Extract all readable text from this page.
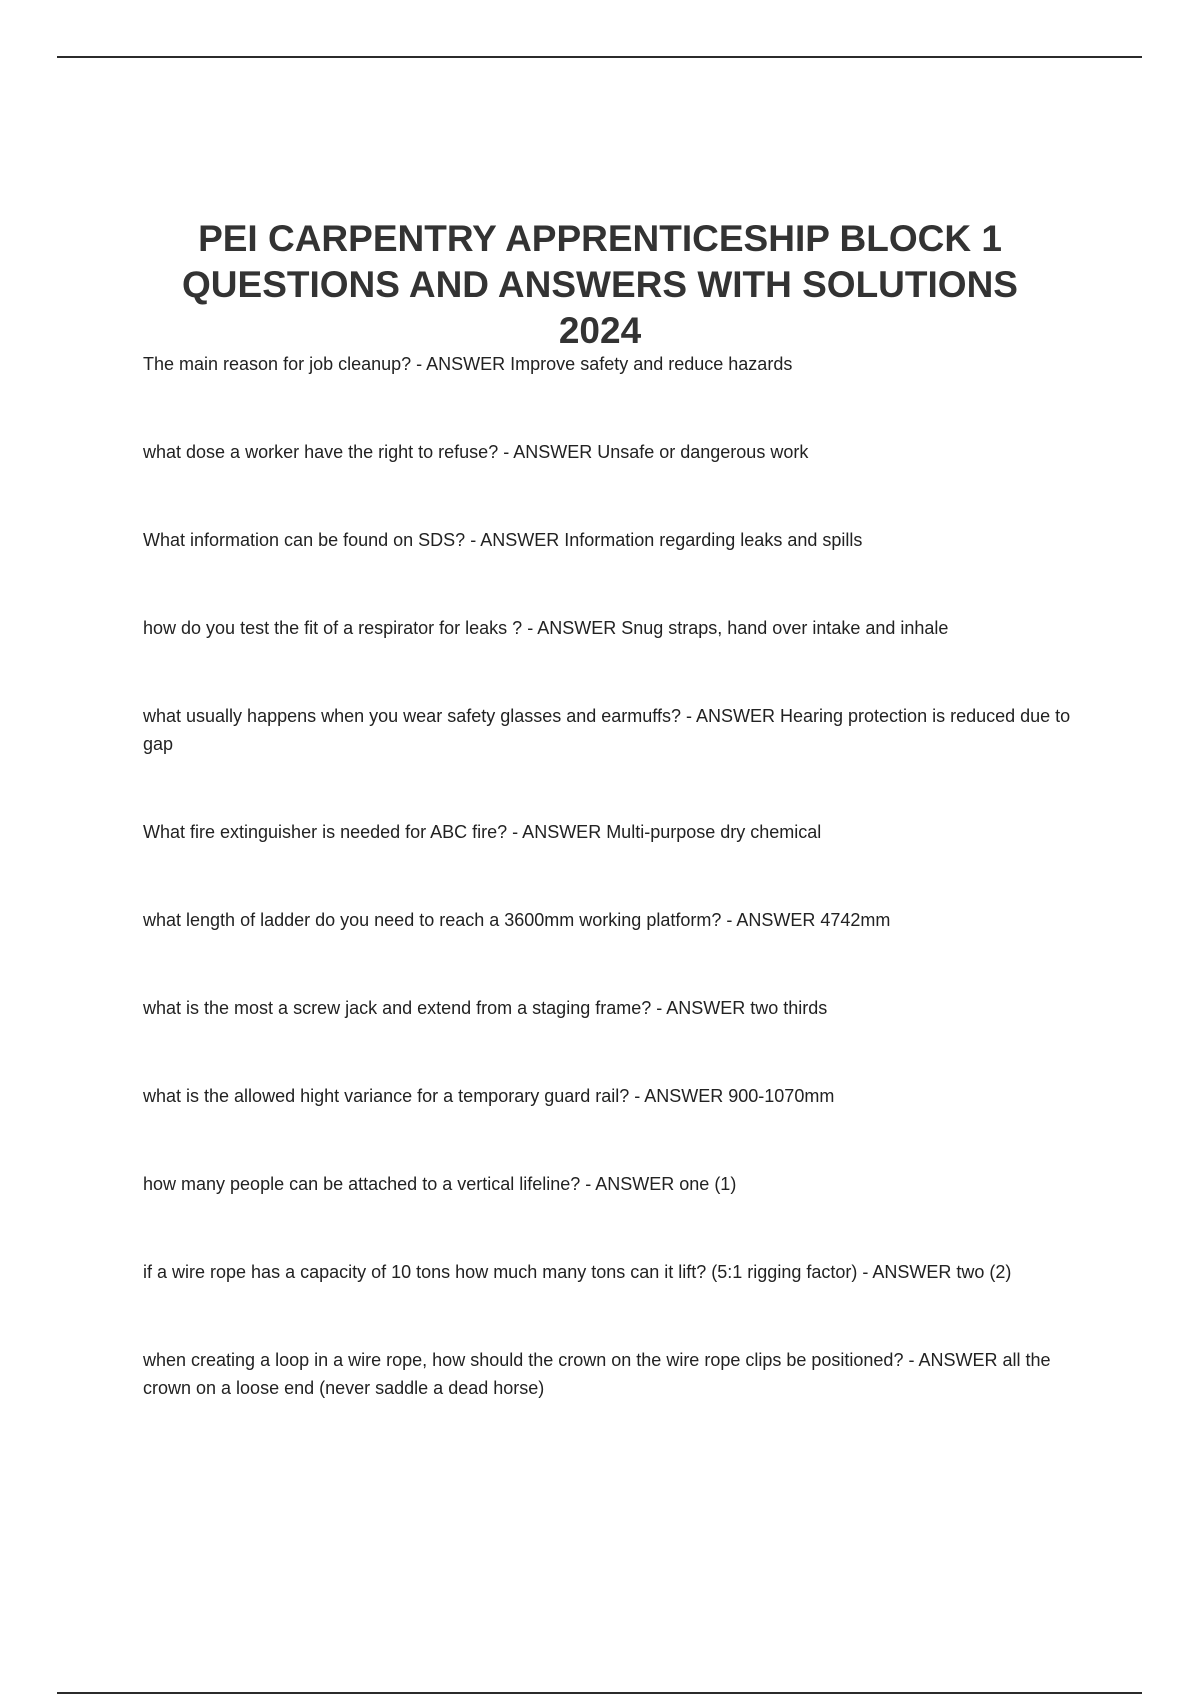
PEI CARPENTRY APPRENTICESHIP BLOCK 1
QUESTIONS AND ANSWERS WITH SOLUTIONS
2024
The main reason for job cleanup? - ANSWER Improve safety and reduce hazards
what dose a worker have the right to refuse? - ANSWER Unsafe or dangerous work
What information can be found on SDS? - ANSWER Information regarding leaks and spills
how do you test the fit of a respirator for leaks ? - ANSWER Snug straps, hand over intake and inhale
what usually happens when you wear safety glasses and earmuffs? - ANSWER Hearing protection is reduced due to gap
What fire extinguisher is needed for ABC fire? - ANSWER Multi-purpose dry chemical
what length of ladder do you need to reach a 3600mm working platform? - ANSWER 4742mm
what is the most a screw jack and extend from a staging frame? - ANSWER two thirds
what is the allowed hight variance for a temporary guard rail? - ANSWER 900-1070mm
how many people can be attached to a vertical lifeline? - ANSWER one (1)
if a wire rope has a capacity of 10 tons how much many tons can it lift? (5:1 rigging factor) - ANSWER two (2)
when creating a loop in a wire rope, how should the crown on the wire rope clips be positioned? - ANSWER all the crown on a loose end (never saddle a dead horse)
